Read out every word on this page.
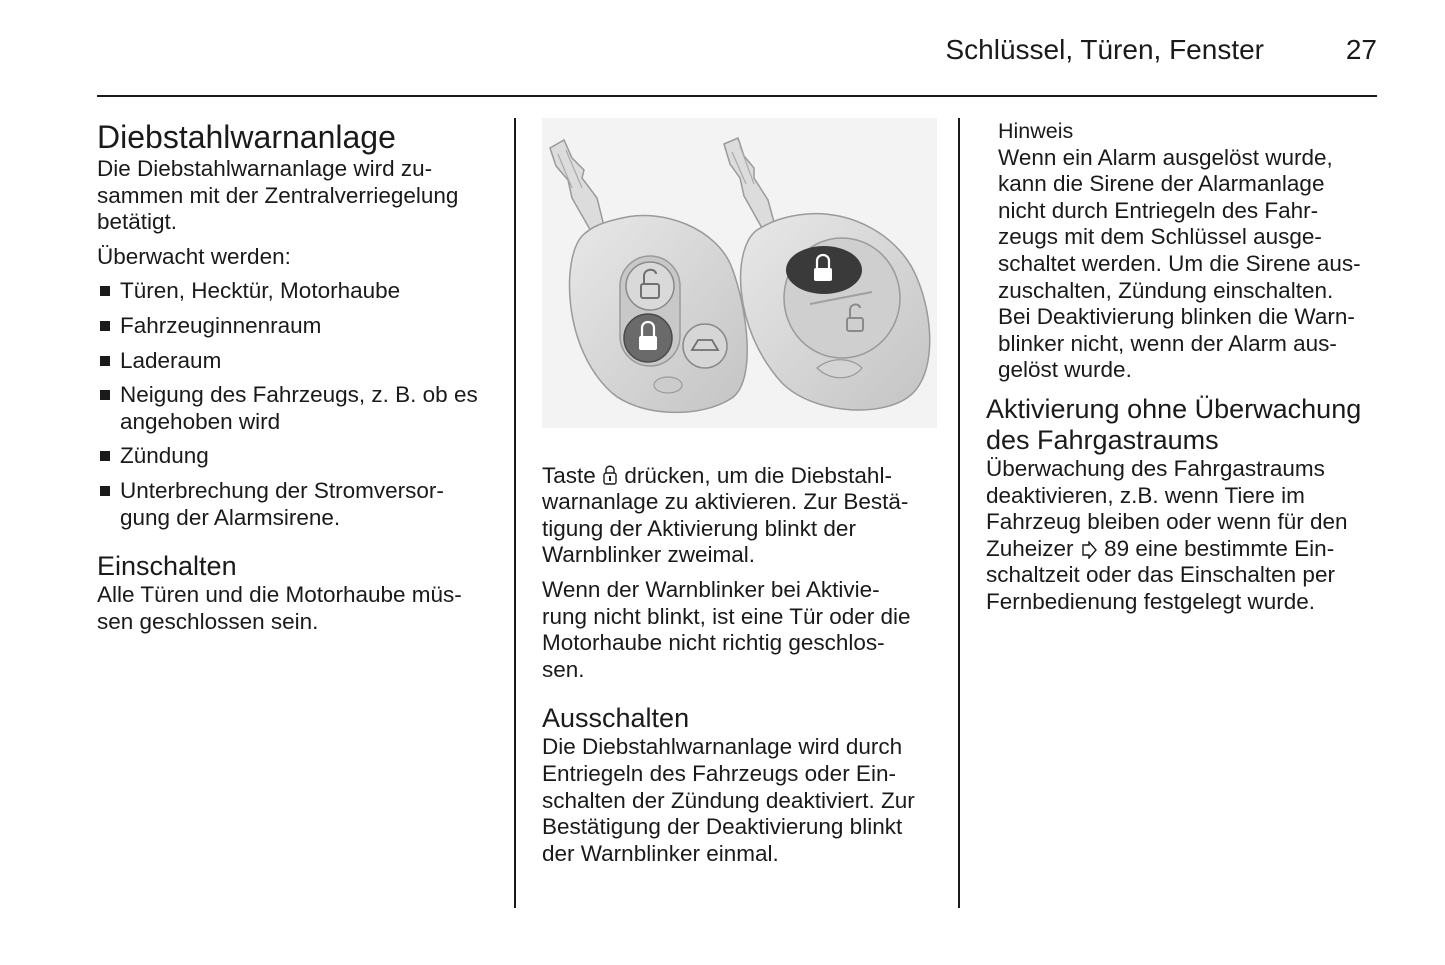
Schlüssel, Türen, Fenster	27
Diebstahlwarnanlage

Die Diebstahlwarnanlage wird zu-
sammen mit der Zentralverriegelung
betätigt.

Überwacht werden:

Türen, Hecktür, Motorhaube
Fahrzeuginnenraum
Laderaum
Neigung des Fahrzeugs, z. B. ob es
angehoben wird
Zündung
Unterbrechung der Stromversor-
gung der Alarmsirene.
Einschalten

Alle Türen und die Motorhaube müs-
sen geschlossen sein.

Taste drücken, um die Diebstahl-
warnanlage zu aktivieren. Zur Bestä-
tigung der Aktivierung blinkt der
Warnblinker zweimal.

Wenn der Warnblinker bei Aktivie-
rung nicht blinkt, ist eine Tür oder die
Motorhaube nicht richtig geschlos-
sen.

Ausschalten

Die Diebstahlwarnanlage wird durch
Entriegeln des Fahrzeugs oder Ein-
schalten der Zündung deaktiviert. Zur
Bestätigung der Deaktivierung blinkt
der Warnblinker einmal.

Hinweis
Wenn ein Alarm ausgelöst wurde,
kann die Sirene der Alarmanlage
nicht durch Entriegeln des Fahr-
zeugs mit dem Schlüssel ausge-
schaltet werden. Um die Sirene aus-
zuschalten, Zündung einschalten.
Bei Deaktivierung blinken die Warn-
blinker nicht, wenn der Alarm aus-
gelöst wurde.
Aktivierung ohne Überwachung
des Fahrgastraums

Überwachung des Fahrgastraums
deaktivieren, z.B. wenn Tiere im
Fahrzeug bleiben oder wenn für den
Zuheizer 89 eine bestimmte Ein-
schaltzeit oder das Einschalten per
Fernbedienung festgelegt wurde.
